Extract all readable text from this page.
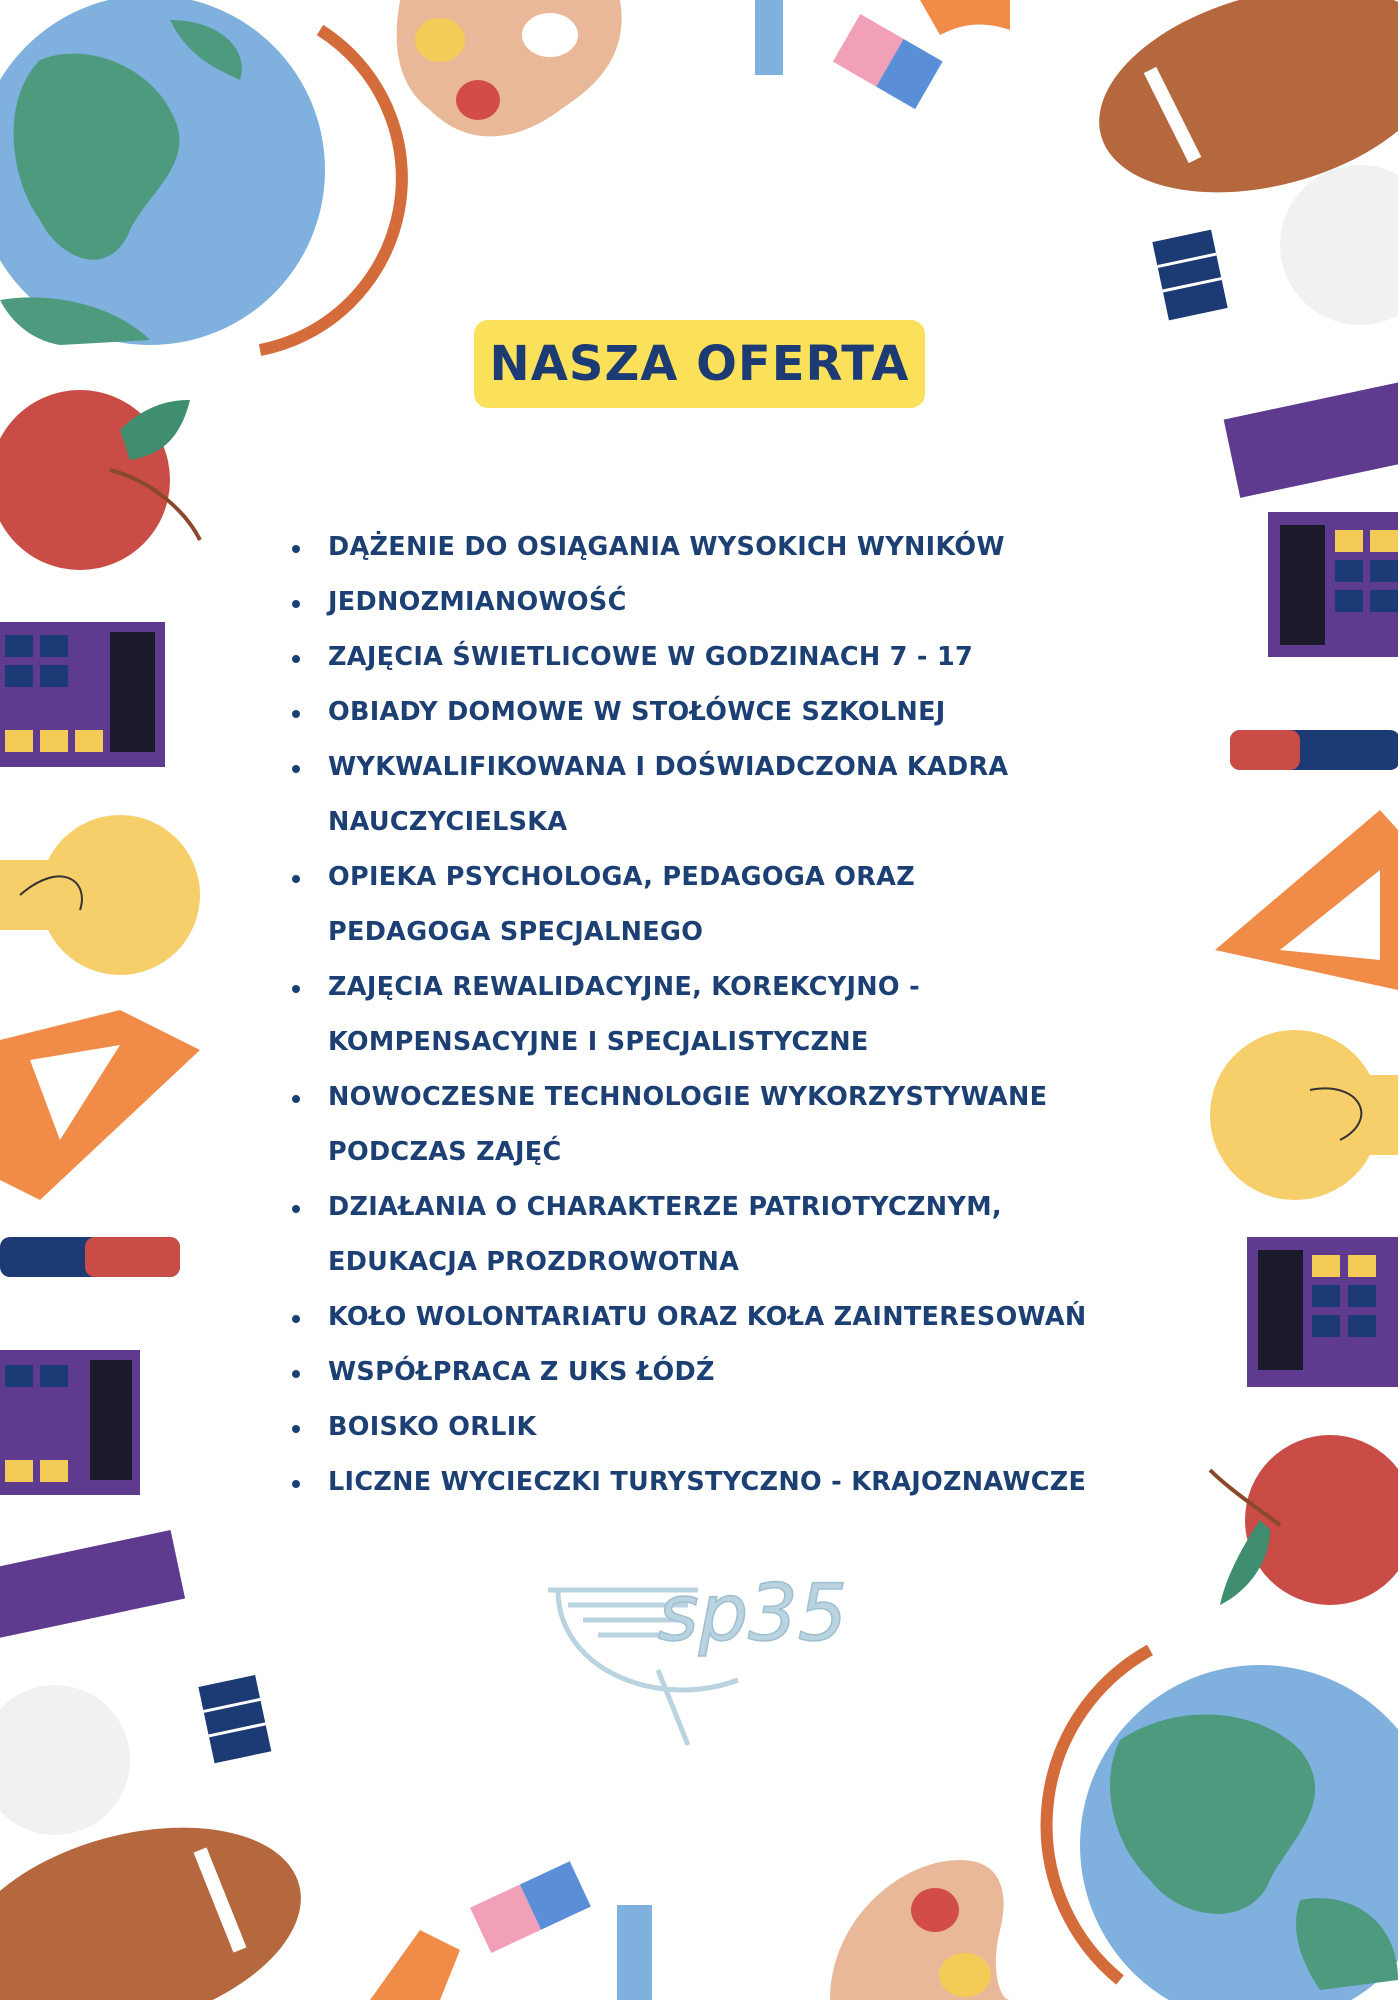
NASZA OFERTA
DĄŻENIE DO OSIĄGANIA WYSOKICH WYNIKÓW
JEDNOZMIANOWOŚĆ
ZAJĘCIA ŚWIETLICOWE W GODZINACH 7 - 17
OBIADY DOMOWE W STOŁÓWCE SZKOLNEJ
WYKWALIFIKOWANA I DOŚWIADCZONA KADRA
NAUCZYCIELSKA
OPIEKA PSYCHOLOGA, PEDAGOGA ORAZ
PEDAGOGA SPECJALNEGO
ZAJĘCIA REWALIDACYJNE, KOREKCYJNO -
KOMPENSACYJNE I SPECJALISTYCZNE
NOWOCZESNE TECHNOLOGIE WYKORZYSTYWANE
PODCZAS ZAJĘĆ
DZIAŁANIA O CHARAKTERZE PATRIOTYCZNYM,
EDUKACJA PROZDROWOTNA
KOŁO WOLONTARIATU ORAZ KOŁA ZAINTERESOWAŃ
WSPÓŁPRACA Z UKS ŁÓDŹ
BOISKO ORLIK
LICZNE WYCIECZKI TURYSTYCZNO - KRAJOZNAWCZE
sp35
